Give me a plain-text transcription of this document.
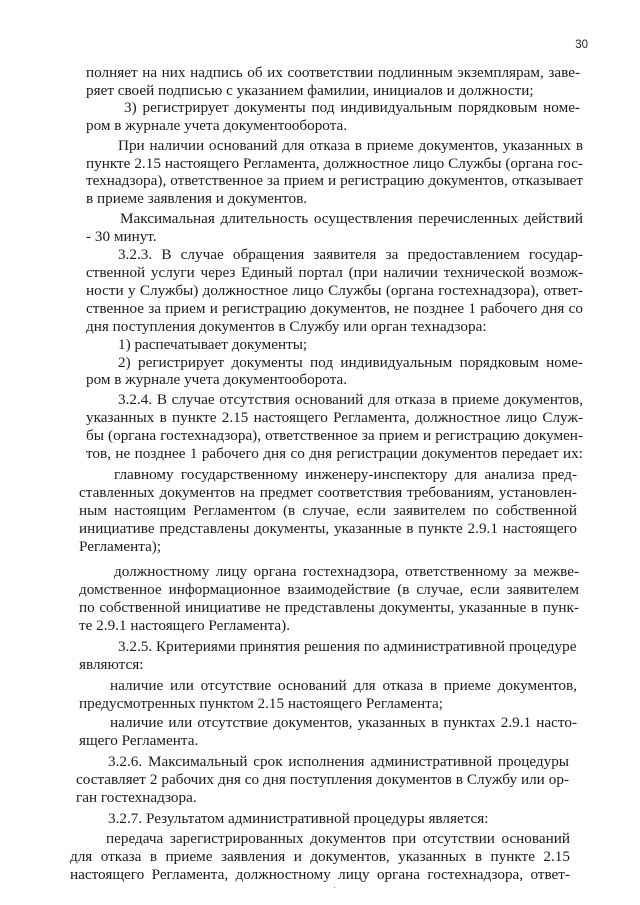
30
полняет на них надпись об их соответствии подлинным экземплярам, заве-
ряет своей подписью с указанием фамилии, инициалов и должности;
3) регистрирует документы под индивидуальным порядковым номе-
ром в журнале учета документооборота.
При наличии оснований для отказа в приеме документов, указанных в
пункте 2.15 настоящего Регламента, должностное лицо Службы (органа гос-
технадзора), ответственное за прием и регистрацию документов, отказывает
в приеме заявления и документов.
Максимальная длительность осуществления перечисленных действий
- 30 минут.
3.2.3. В случае обращения заявителя за предоставлением государ-
ственной услуги через Единый портал (при наличии технической возмож-
ности у Службы) должностное лицо Службы (органа гостехнадзора), ответ-
ственное за прием и регистрацию документов, не позднее 1 рабочего дня со
дня поступления документов в Службу или орган технадзора:
1) распечатывает документы;
2) регистрирует документы под индивидуальным порядковым номе-
ром в журнале учета документооборота.
3.2.4. В случае отсутствия оснований для отказа в приеме документов,
указанных в пункте 2.15 настоящего Регламента, должностное лицо Служ-
бы (органа гостехнадзора), ответственное за прием и регистрацию докумен-
тов, не позднее 1 рабочего дня со дня регистрации документов передает их:
главному государственному инженеру-инспектору для анализа пред-
ставленных документов на предмет соответствия требованиям, установлен-
ным настоящим Регламентом (в случае, если заявителем по собственной
инициативе представлены документы, указанные в пункте 2.9.1 настоящего
Регламента);
должностному лицу органа гостехнадзора, ответственному за межве-
домственное информационное взаимодействие (в случае, если заявителем
по собственной инициативе не представлены документы, указанные в пунк-
те 2.9.1 настоящего Регламента).
3.2.5. Критериями принятия решения по административной процедуре
являются:
наличие или отсутствие оснований для отказа в приеме документов,
предусмотренных пунктом 2.15 настоящего Регламента;
наличие или отсутствие документов, указанных в пунктах 2.9.1 насто-
ящего Регламента.
3.2.6. Максимальный срок исполнения административной процедуры
составляет 2 рабочих дня со дня поступления документов в Службу или ор-
ган гостехнадзора.
3.2.7. Результатом административной процедуры является:
передача зарегистрированных документов при отсутствии оснований
для отказа в приеме заявления и документов, указанных в пункте 2.15
настоящего Регламента, должностному лицу органа гостехнадзора, ответ-
